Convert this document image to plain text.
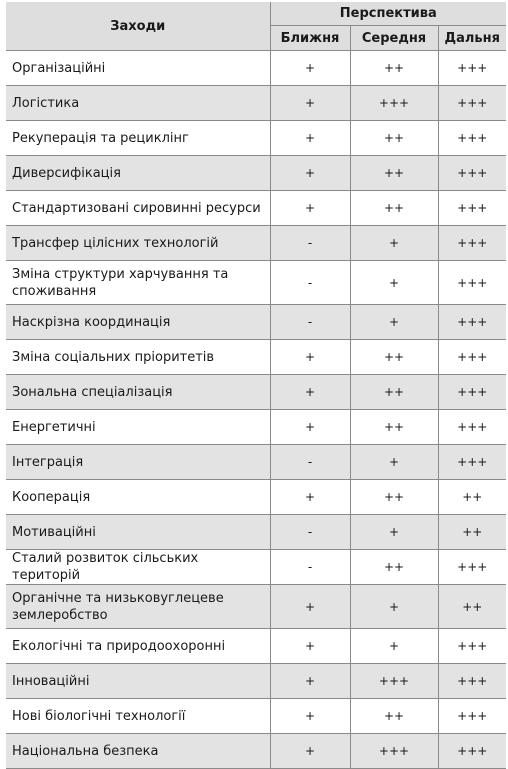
Заходи	Перспектива		
	Ближня	Середня	Дальня
Організаційні	+	++	+++
Логістика	+	+++	+++
Рекуперація та рециклінг	+	++	+++
Диверсифікація	+	++	+++
Стандартизовані сировинні ресурси	+	++	+++
Трансфер цілісних технологій	-	+	+++
Зміна структури харчування та споживання	-	+	+++
Наскрізна координація	-	+	+++
Зміна соціальних пріоритетів	+	++	+++
Зональна спеціалізація	+	++	+++
Енергетичні	+	++	+++
Інтеграція	-	+	+++
Кооперація	+	++	++
Мотиваційні	-	+	++
Сталий розвиток сільських територій	-	++	+++
Органічне та низьковуглецеве землеробство	+	+	++
Екологічні та природоохоронні	+	+	+++
Інноваційні	+	+++	+++
Нові біологічні технології	+	++	+++
Національна безпека	+	+++	+++
